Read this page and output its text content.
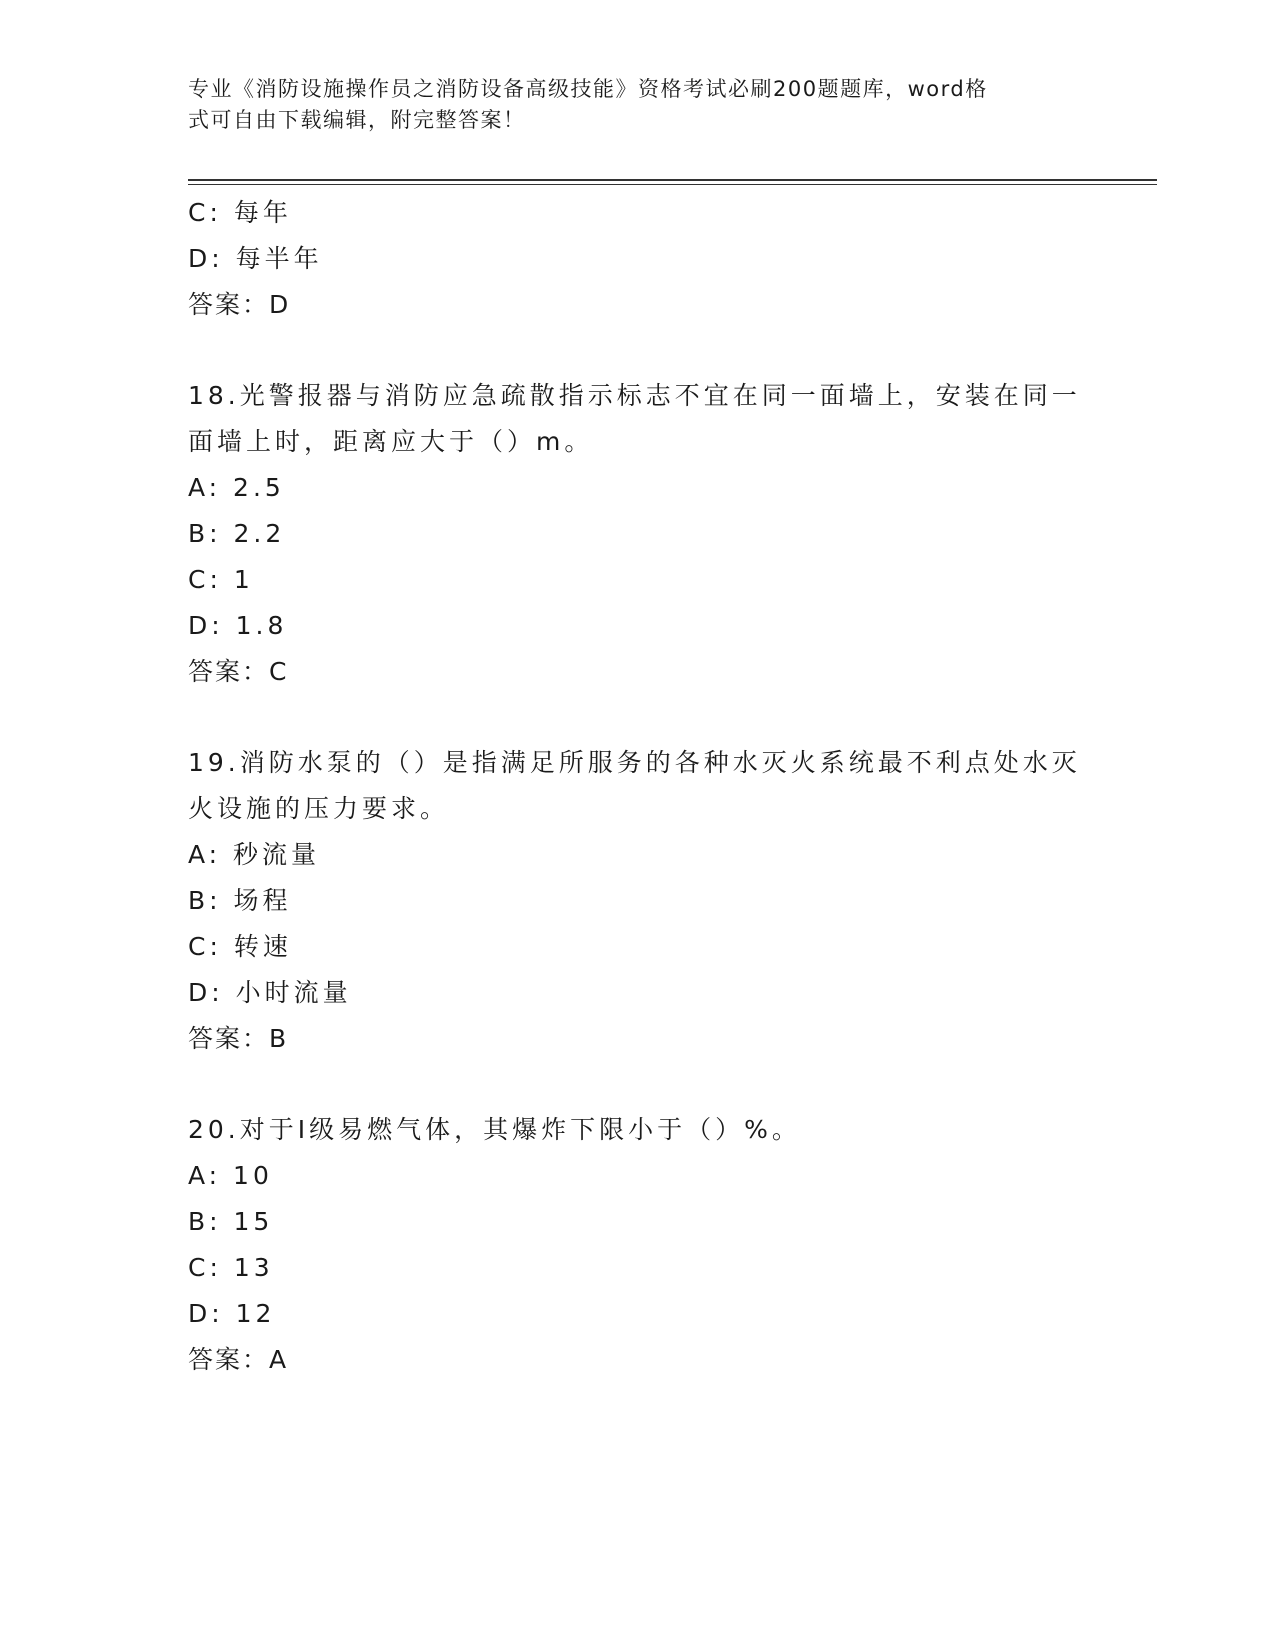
专业《消防设施操作员之消防设备高级技能》资格考试必刷200题题库，word格
式可自由下载编辑，附完整答案！
C: 每年
D: 每半年
答案：D
18.光警报器与消防应急疏散指示标志不宜在同一面墙上，安装在同一
面墙上时，距离应大于（）m。
A: 2.5
B: 2.2
C: 1
D: 1.8
答案：C
19.消防水泵的（）是指满足所服务的各种水灭火系统最不利点处水灭
火设施的压力要求。
A: 秒流量
B: 场程
C: 转速
D: 小时流量
答案：B
20.对于Ⅰ级易燃气体，其爆炸下限小于（）%。
A: 10
B: 15
C: 13
D: 12
答案：A
